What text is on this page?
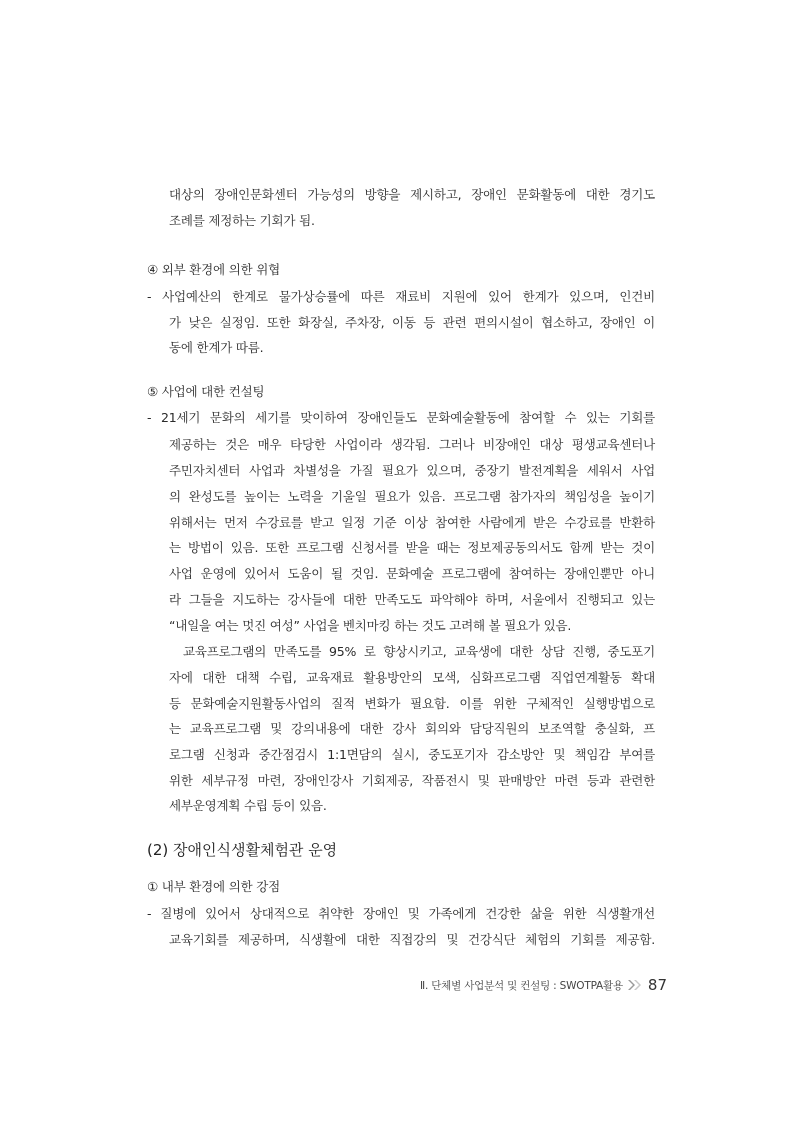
대상의 장애인문화센터 가능성의 방향을 제시하고, 장애인 문화활동에 대한 경기도
조례를 제정하는 기회가 됨.
④ 외부 환경에 의한 위협
- 사업예산의 한계로 물가상승률에 따른 재료비 지원에 있어 한계가 있으며, 인건비
가 낮은 실정임. 또한 화장실, 주차장, 이동 등 관련 편의시설이 협소하고, 장애인 이
동에 한계가 따름.
⑤ 사업에 대한 컨설팅
- 21세기 문화의 세기를 맞이하여 장애인들도 문화예술활동에 참여할 수 있는 기회를
제공하는 것은 매우 타당한 사업이라 생각됨. 그러나 비장애인 대상 평생교육센터나
주민자치센터 사업과 차별성을 가질 필요가 있으며, 중장기 발전계획을 세워서 사업
의 완성도를 높이는 노력을 기울일 필요가 있음. 프로그램 참가자의 책임성을 높이기
위해서는 먼저 수강료를 받고 일정 기준 이상 참여한 사람에게 받은 수강료를 반환하
는 방법이 있음. 또한 프로그램 신청서를 받을 때는 정보제공동의서도 함께 받는 것이
사업 운영에 있어서 도움이 될 것임. 문화예술 프로그램에 참여하는 장애인뿐만 아니
라 그들을 지도하는 강사들에 대한 만족도도 파악해야 하며, 서울에서 진행되고 있는
“내일을 여는 멋진 여성” 사업을 벤치마킹 하는 것도 고려해 볼 필요가 있음.
교육프로그램의 만족도를 95% 로 향상시키고, 교육생에 대한 상담 진행, 중도포기
자에 대한 대책 수립, 교육재료 활용방안의 모색, 심화프로그램 직업연계활동 확대
등 문화예술지원활동사업의 질적 변화가 필요함. 이를 위한 구체적인 실행방법으로
는 교육프로그램 및 강의내용에 대한 강사 회의와 담당직원의 보조역할 충실화, 프
로그램 신청과 중간점검시 1:1면담의 실시, 중도포기자 감소방안 및 책임감 부여를
위한 세부규정 마련, 장애인강사 기회제공, 작품전시 및 판매방안 마련 등과 관련한
세부운영계획 수립 등이 있음.
(2) 장애인식생활체험관 운영
① 내부 환경에 의한 강점
- 질병에 있어서 상대적으로 취약한 장애인 및 가족에게 건강한 삶을 위한 식생활개선
교육기회를 제공하며, 식생활에 대한 직접강의 및 건강식단 체험의 기회를 제공함.
Ⅱ. 단체별 사업분석 및 컨설팅 : SWOTPA활용 87
